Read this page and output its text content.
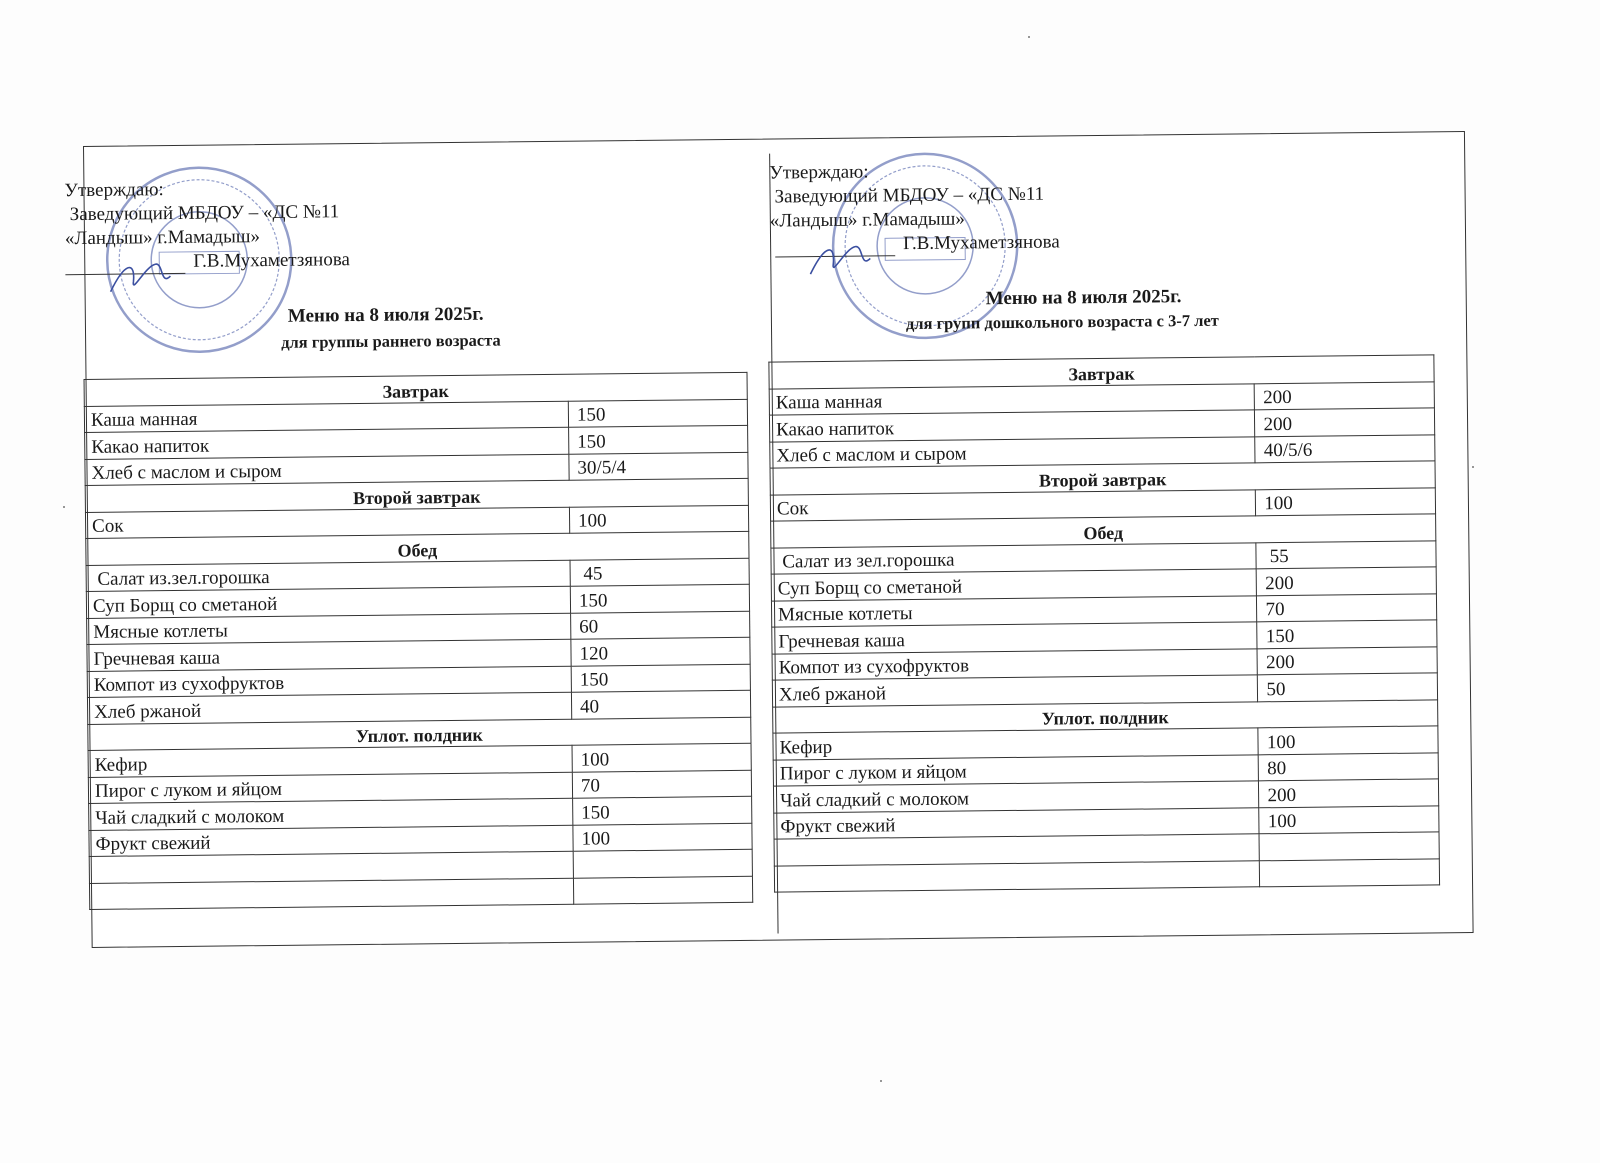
Утверждаю:
Заведующий МБДОУ – «ДС №11
«Ландыш» г.Мамадыш»
Г.В.Мухаметзянова
Меню на 8 июля 2025г.
для группы раннего возраста
Завтрак	
Каша манная	150
Какао напиток	150
Хлеб с маслом и сыром	30/5/4
Второй завтрак	
Сок	100
Обед	
Салат из.зел.горошка	45
Суп Борщ со сметаной	150
Мясные котлеты	60
Гречневая каша	120
Компот из сухофруктов	150
Хлеб ржаной	40
Уплот. полдник	
Кефир	100
Пирог с луком и яйцом	70
Чай сладкий с молоком	150
Фрукт свежий	100

Утверждаю:
Заведующий МБДОУ – «ДС №11
«Ландыш» г.Мамадыш»
Г.В.Мухаметзянова
Меню на 8 июля 2025г.
для групп дошкольного возраста с 3-7 лет
Завтрак	
Каша манная	200
Какао напиток	200
Хлеб с маслом и сыром	40/5/6
Второй завтрак	
Сок	100
Обед	
Салат из зел.горошка	55
Суп Борщ со сметаной	200
Мясные котлеты	70
Гречневая каша	150
Компот из сухофруктов	200
Хлеб ржаной	50
Уплот. полдник	
Кефир	100
Пирог с луком и яйцом	80
Чай сладкий с молоком	200
Фрукт свежий	100
